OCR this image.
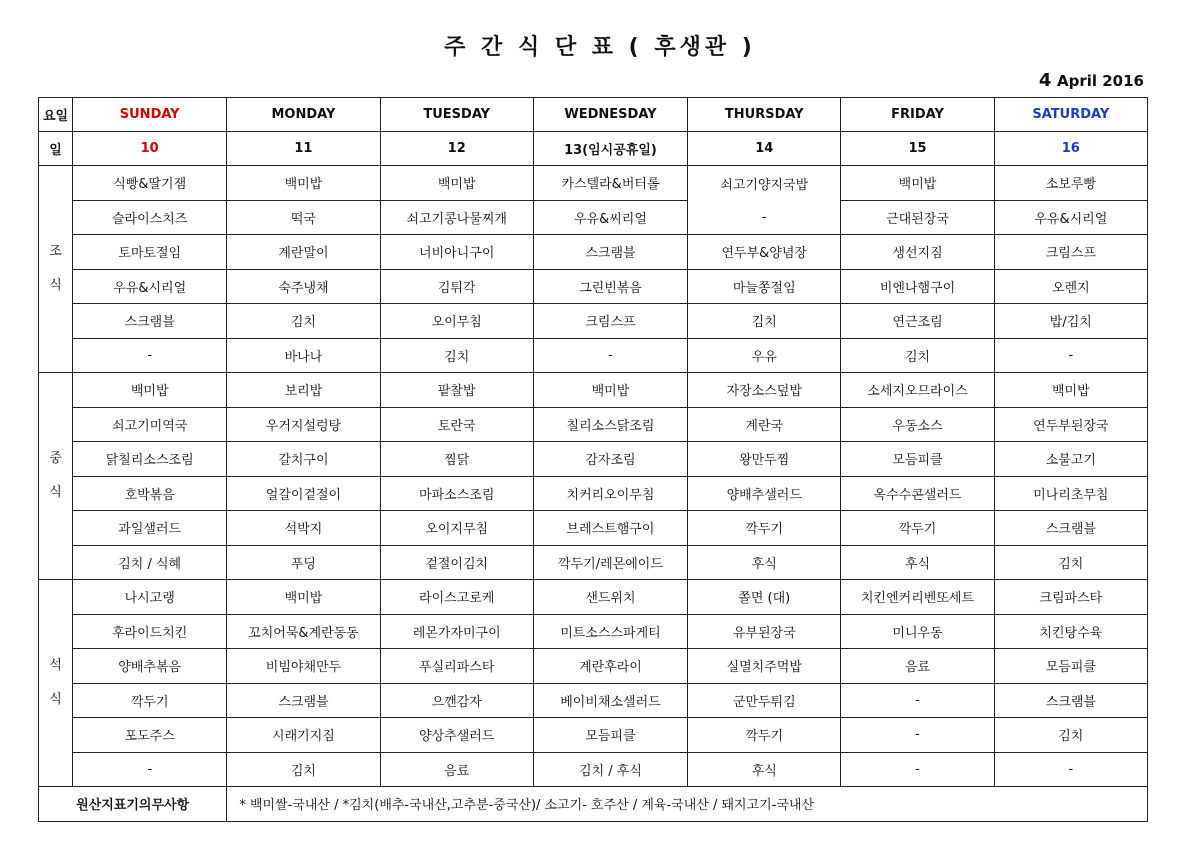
주 간 식 단 표 ( 후생관 )
4 April 2016
요일	SUNDAY	MONDAY	TUESDAY	WEDNESDAY	THURSDAY	FRIDAY	SATURDAY
일	10	11	12	13(임시공휴일)	14	15	16

조
식	식빵&딸기잼	백미밥	백미밥	카스텔라&버터롤	쇠고기양지국밥	백미밥	소보루빵
	슬라이스치즈	떡국	쇠고기콩나물찌개	우유&씨리얼	-	근대된장국	우유&시리얼
	토마토절임	계란말이	너비아니구이	스크램블	연두부&양념장	생선지짐	크림스프
	우유&시리얼	숙주냉채	김튀각	그린빈볶음	마늘쫑절임	비엔나햄구이	오렌지
	스크램블	김치	오이무침	크림스프	김치	연근조림	밥/김치
	-	바나나	김치	-	우유	김치	-

중
식	백미밥	보리밥	팥찰밥	백미밥	자장소스덮밥	소세지오므라이스	백미밥
	쇠고기미역국	우거지설렁탕	토란국	칠리소스닭조림	계란국	우동소스	연두부된장국
	닭칠리소스조림	갈치구이	찜닭	감자조림	왕만두찜	모듬피클	소불고기
	호박볶음	얼갈이겉절이	마파소스조림	치커리오이무침	양배추샐러드	옥수수콘샐러드	미나리초무침
	과일샐러드	석박지	오이지무침	브레스트햄구이	깍두기	깍두기	스크램블
	김치 / 식혜	푸딩	겉절이김치	깍두기/레몬에이드	후식	후식	김치

석
식	나시고랭	백미밥	라이스고로케	샌드위치	쫄면 (대)	치킨엔커리벤또세트	크림파스타
	후라이드치킨	꼬치어묵&계란동동	레몬가자미구이	미트소스스파게티	유부된장국	미니우동	치킨탕수육
	양배추볶음	비빔야채만두	푸실리파스타	계란후라이	실멸치주먹밥	음료	모듬피클
	깍두기	스크램블	으깬감자	베이비채소샐러드	군만두튀김	-	스크램블
	포도주스	시래기지짐	양상추샐러드	모듬피클	깍두기	-	김치
	-	김치	음료	김치 / 후식	후식	-	-
원산지표기의무사항		* 백미쌀-국내산 / *김치(배추-국내산,고추분-중국산)/ 소고기- 호주산 / 계육-국내산 / 돼지고기-국내산					
